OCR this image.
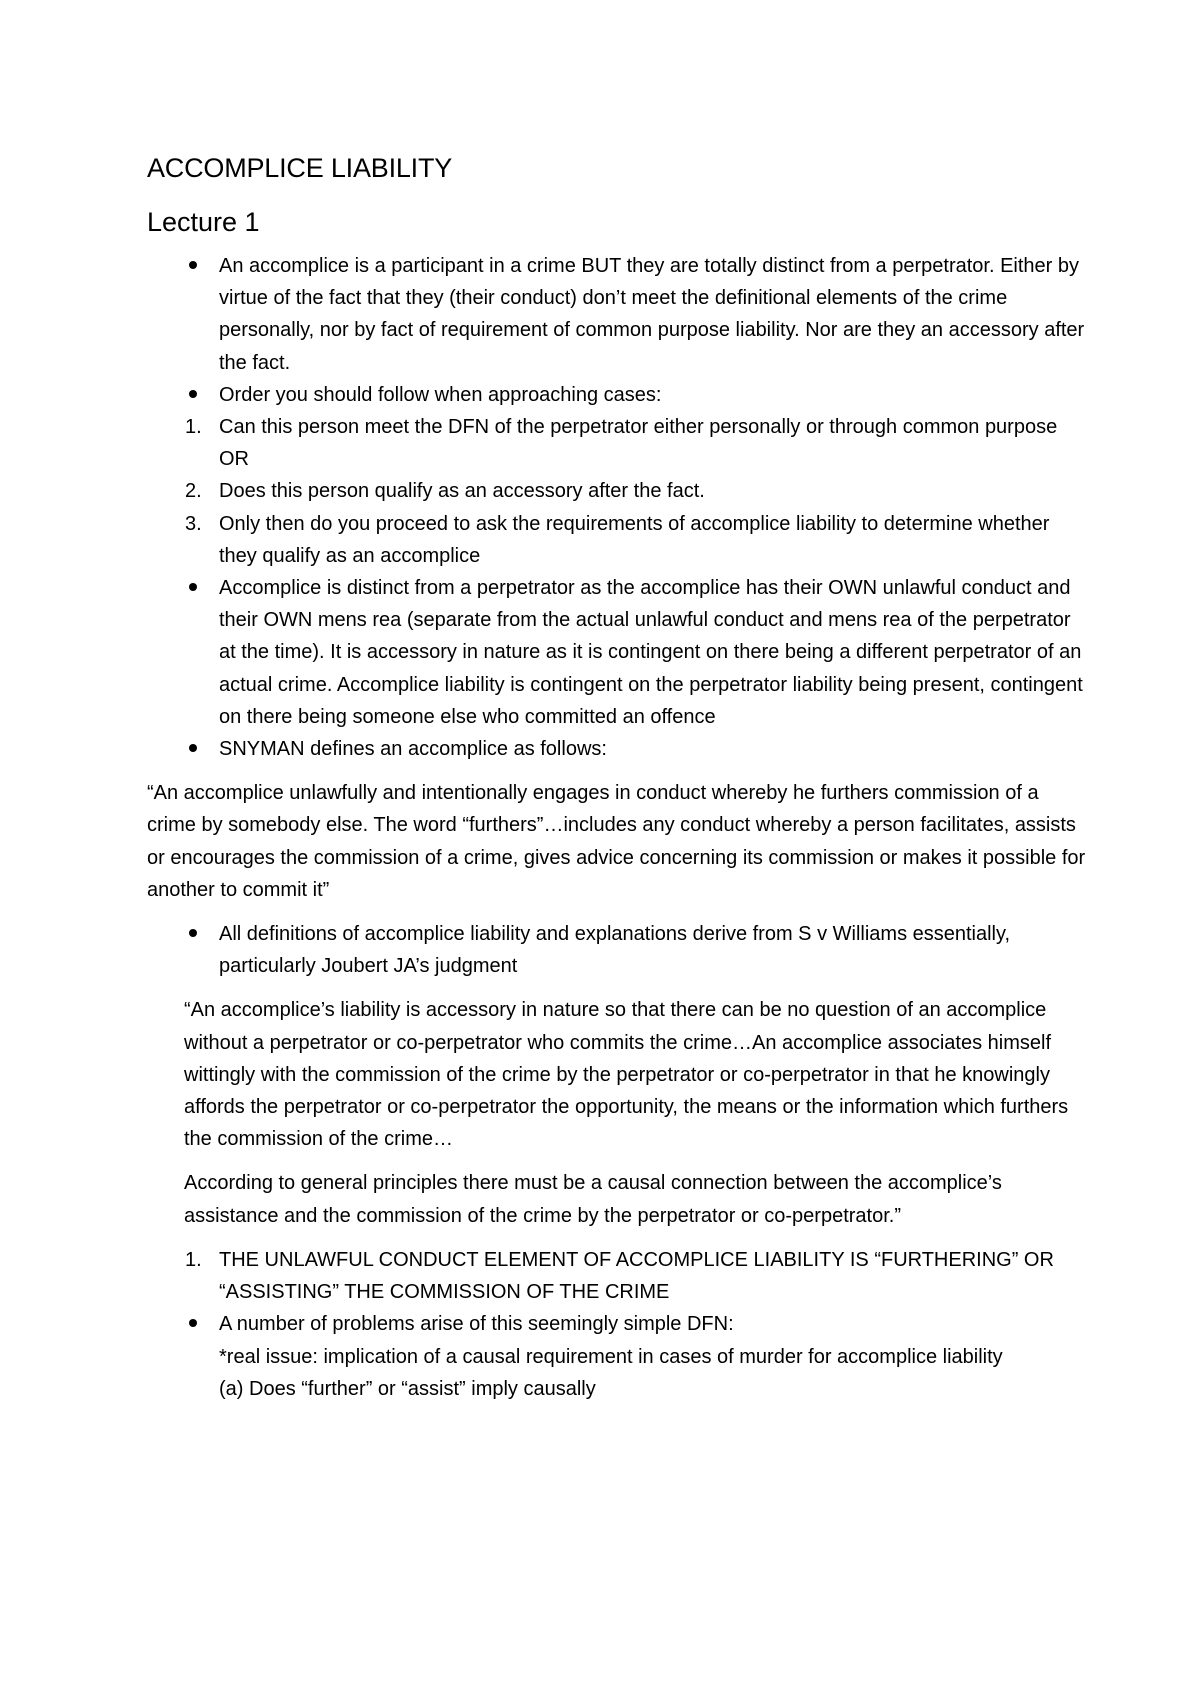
ACCOMPLICE LIABILITY
Lecture 1
An accomplice is a participant in a crime BUT they are totally distinct from a perpetrator. Either by virtue of the fact that they (their conduct) don’t meet the definitional elements of the crime personally, nor by fact of requirement of common purpose liability. Nor are they an accessory after the fact.
Order you should follow when approaching cases:
1. Can this person meet the DFN of the perpetrator either personally or through common purpose OR
2. Does this person qualify as an accessory after the fact.
3. Only then do you proceed to ask the requirements of accomplice liability to determine whether they qualify as an accomplice
Accomplice is distinct from a perpetrator as the accomplice has their OWN unlawful conduct and their OWN mens rea (separate from the actual unlawful conduct and mens rea of the perpetrator at the time). It is accessory in nature as it is contingent on there being a different perpetrator of an actual crime. Accomplice liability is contingent on the perpetrator liability being present, contingent on there being someone else who committed an offence
SNYMAN defines an accomplice as follows:

“An accomplice unlawfully and intentionally engages in conduct whereby he furthers commission of a crime by somebody else. The word “furthers”…includes any conduct whereby a person facilitates, assists or encourages the commission of a crime, gives advice concerning its commission or makes it possible for another to commit it”

All definitions of accomplice liability and explanations derive from S v Williams essentially, particularly Joubert JA’s judgment

“An accomplice’s liability is accessory in nature so that there can be no question of an accomplice without a perpetrator or co-perpetrator who commits the crime…An accomplice associates himself wittingly with the commission of the crime by the perpetrator or co-perpetrator in that he knowingly affords the perpetrator or co-perpetrator the opportunity, the means or the information which furthers the commission of the crime…

According to general principles there must be a causal connection between the accomplice’s assistance and the commission of the crime by the perpetrator or co-perpetrator.”

1. THE UNLAWFUL CONDUCT ELEMENT OF ACCOMPLICE LIABILITY IS “FURTHERING” OR “ASSISTING” THE COMMISSION OF THE CRIME
A number of problems arise of this seemingly simple DFN:
*real issue: implication of a causal requirement in cases of murder for accomplice liability
(a) Does “further” or “assist” imply causally
